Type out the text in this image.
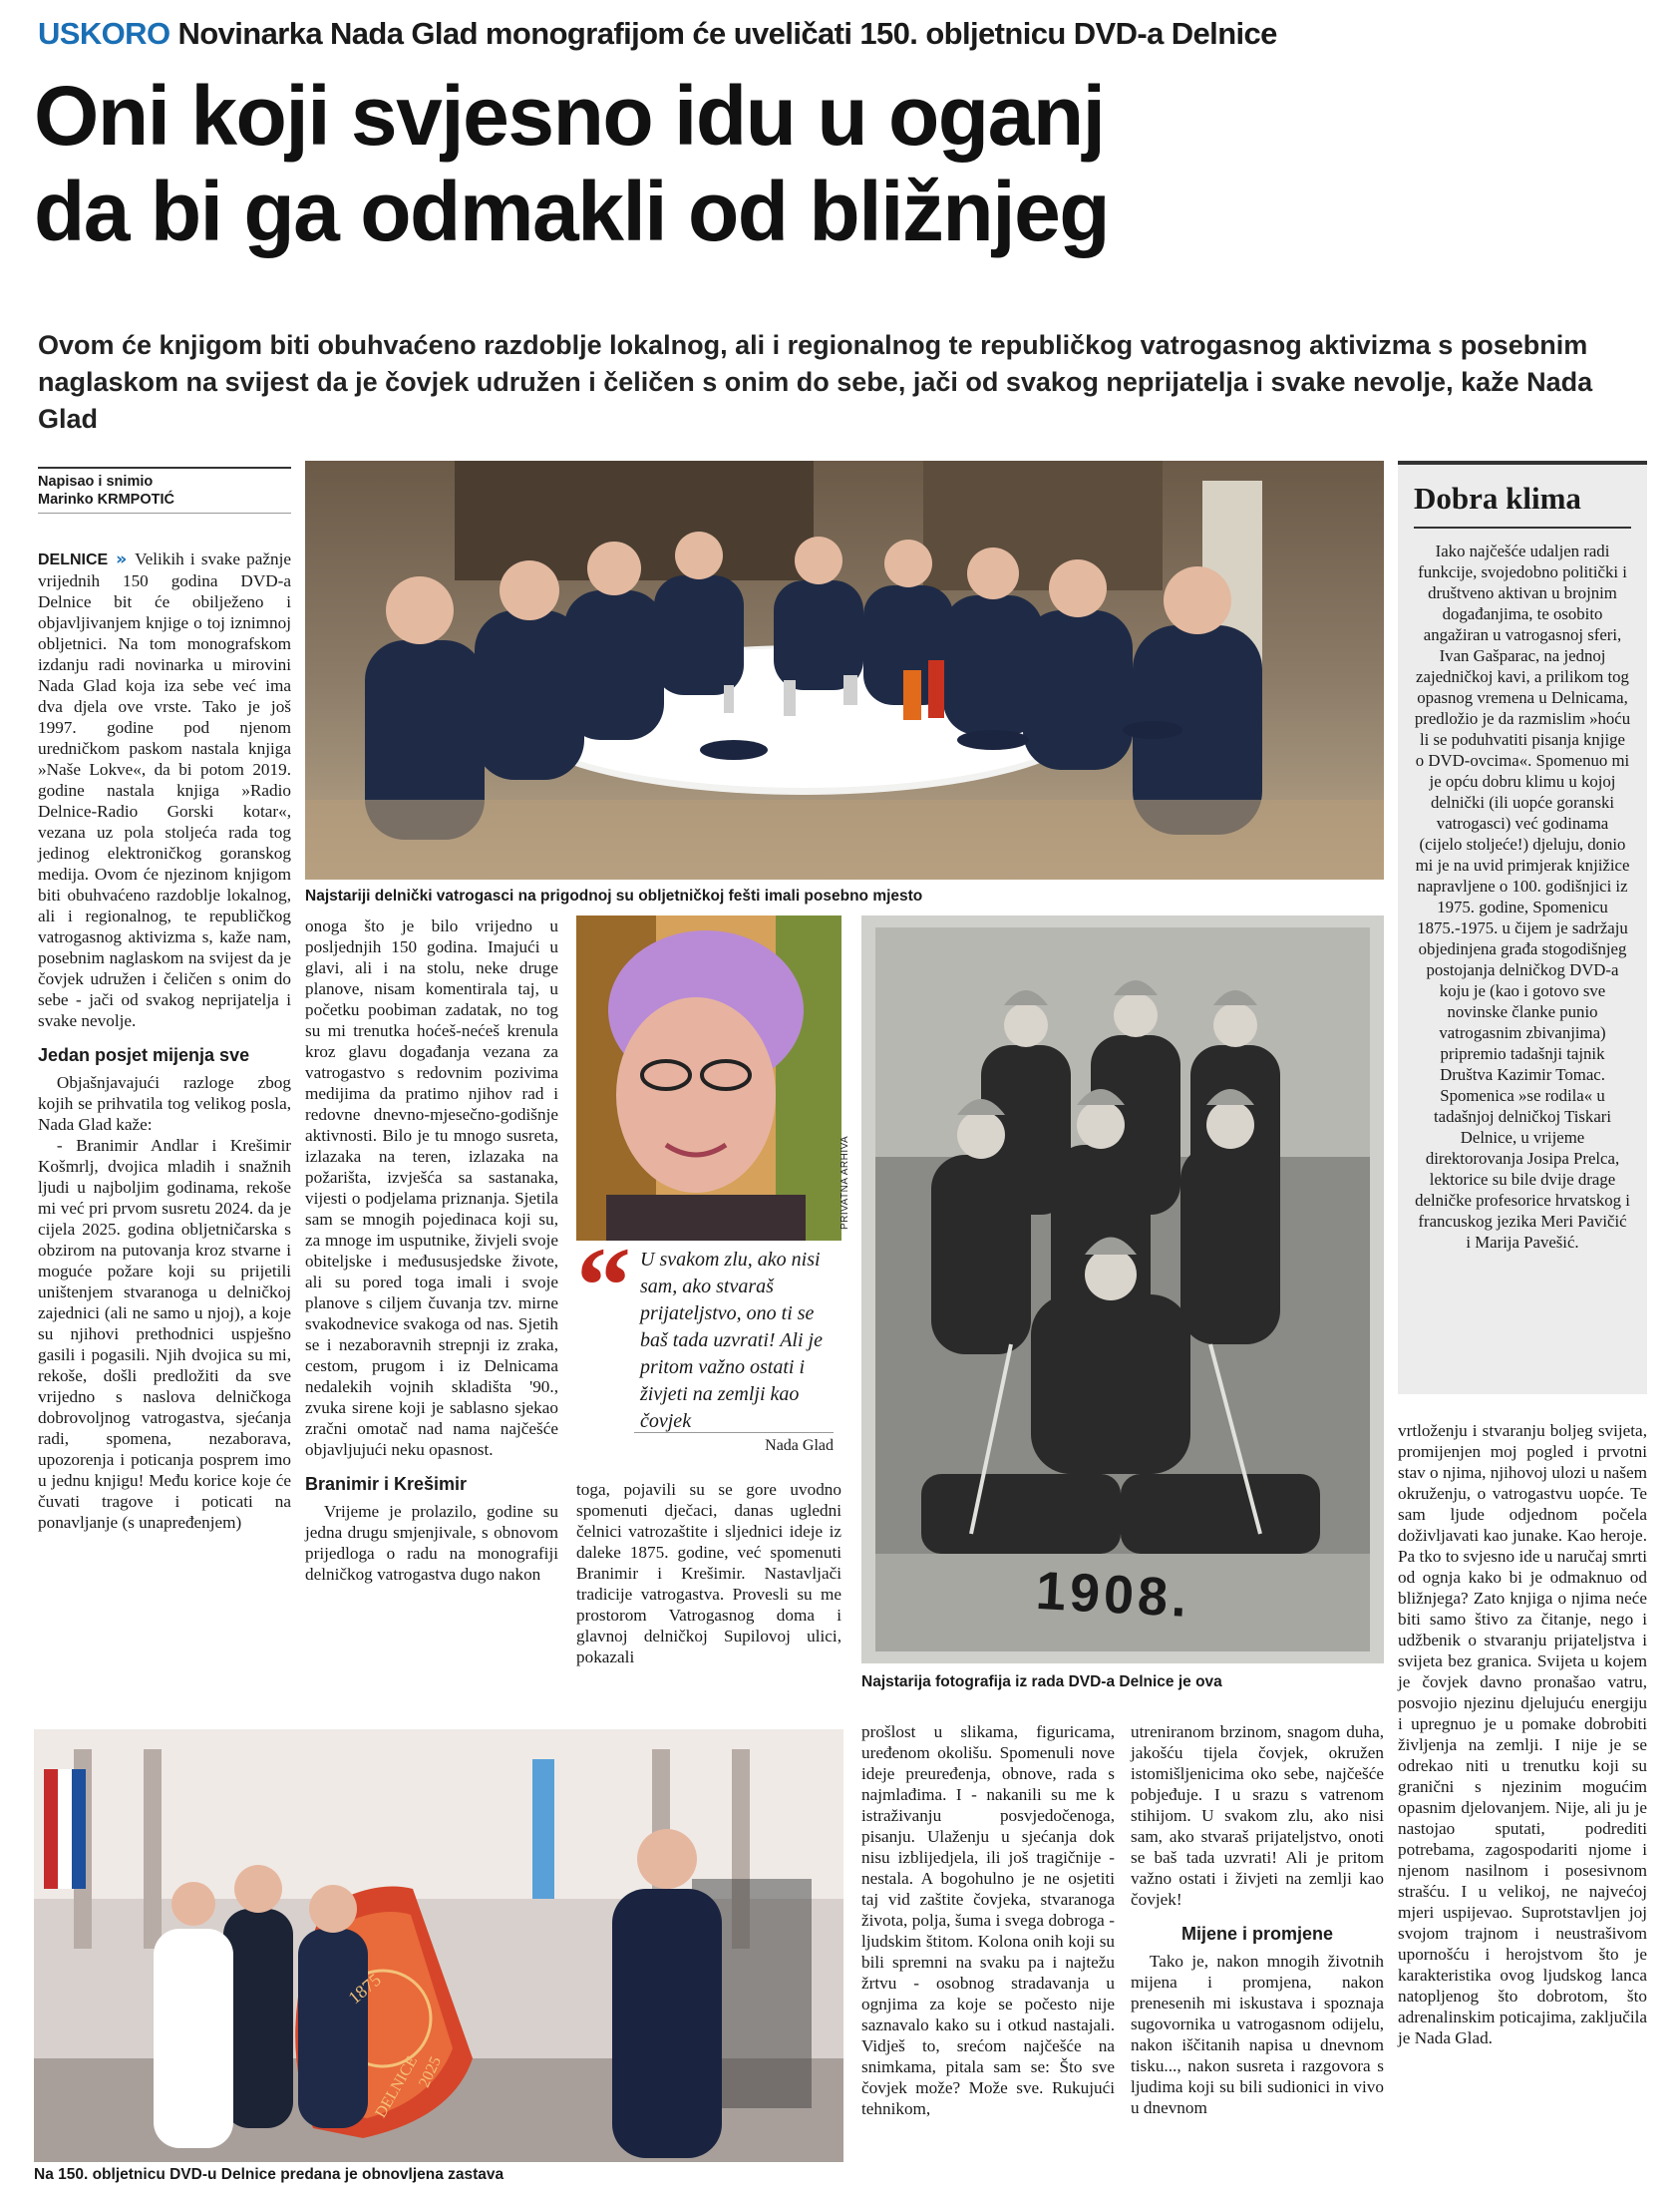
USKORO Novinarka Nada Glad monografijom će uveličati 150. obljetnicu DVD-a Delnice
Oni koji svjesno idu u oganj
da bi ga odmakli od bližnjeg
Ovom će knjigom biti obuhvaćeno razdoblje lokalnog, ali i regionalnog te republičkog vatrogasnog aktivizma s posebnim naglaskom na svijest da je čovjek udružen i čeličen s onim do sebe, jači od svakog neprijatelja i svake nevolje, kaže Nada Glad
Napisao i snimio
Marinko KRMPOTIĆ

DELNICE » Velikih i svake pažnje vrijednih 150 godina DVD-a Delnice bit će obilježeno i objavljivanjem knjige o toj iznimnoj obljetnici. Na tom monografskom izdanju radi novinarka u mirovini Nada Glad koja iza sebe već ima dva djela ove vrste. Tako je još 1997. godine pod njenom uredničkom paskom nastala knjiga »Naše Lokve«, da bi potom 2019. godine nastala knjiga »Radio Delnice-Radio Gorski kotar«, vezana uz pola stoljeća rada tog jedinog elektroničkog goranskog medija. Ovom će njezinom knjigom biti obuhvaćeno razdoblje lokalnog, ali i regionalnog, te republičkog vatrogasnog aktivizma s, kaže nam, posebnim naglaskom na svijest da je čovjek udružen i čeličen s onim do sebe - jači od svakog neprijatelja i svake nevolje.

Jedan posjet mijenja sve

Objašnjavajući razloge zbog kojih se prihvatila tog velikog posla, Nada Glad kaže:

- Branimir Andlar i Krešimir Košmrlj, dvojica mladih i snažnih ljudi u najboljim godinama, rekoše mi već pri prvom susretu 2024. da je cijela 2025. godina obljetničarska s obzirom na putovanja kroz stvarne i moguće požare koji su prijetili uništenjem stvaranoga u delničkoj zajednici (ali ne samo u njoj), a koje su njihovi prethodnici uspješno gasili i pogasili. Njih dvojica su mi, rekoše, došli predložiti da sve vrijedno s naslova delničkoga dobrovoljnog vatrogastva, sjećanja radi, spomena, nezaborava, upozorenja i poticanja posprem imo u jednu knjigu! Među korice koje će čuvati tragove i poticati na ponavljanje (s unapređenjem)

Najstariji delnički vatrogasci na prigodnoj su obljetničkoj fešti imali posebno mjesto
Dobra klima

Iako najčešće udaljen radi funkcije, svojedobno politički i društveno aktivan u brojnim događanjima, te osobito angažiran u vatrogasnoj sferi, Ivan Gašparac, na jednoj zajedničkoj kavi, a prilikom tog opasnog vremena u Delnicama, predložio je da razmislim »hoću li se poduhvatiti pisanja knjige o DVD-ovcima«. Spomenuo mi je opću dobru klimu u kojoj delnički (ili uopće goranski vatrogasci) već godinama (cijelo stoljeće!) djeluju, donio mi je na uvid primjerak knjižice napravljene o 100. godišnjici iz 1975. godine, Spomenicu 1875.-1975. u čijem je sadržaju objedinjena građa stogodišnjeg postojanja delničkog DVD-a koju je (kao i gotovo sve novinske članke punio vatrogasnim zbivanjima) pripremio tadašnji tajnik Društva Kazimir Tomac. Spomenica »se rodila« u tadašnjoj delničkoj Tiskari Delnice, u vrijeme direktorovanja Josipa Prelca, lektorice su bile dvije drage delničke profesorice hrvatskog i francuskog jezika Meri Pavičić i Marija Pavešić.

onoga što je bilo vrijedno u posljednjih 150 godina. Imajući u glavi, ali i na stolu, neke druge planove, nisam komentirala taj, u početku poobiman zadatak, no tog su mi trenutka hoćeš-nećeš krenula kroz glavu događanja vezana za vatrogastvo s redovnim pozivima medijima da pratimo njihov rad i redovne dnevno-mjesečno-godišnje aktivnosti. Bilo je tu mnogo susreta, izlazaka na teren, izlazaka na požarišta, izvješća sa sastanaka, vijesti o podjelama priznanja. Sjetila sam se mnogih pojedinaca koji su, za mnoge im usputnike, živjeli svoje obiteljske i međususjedske živote, ali su pored toga imali i svoje planove s ciljem čuvanja tzv. mirne svakodnevice svakoga od nas. Sjetih se i nezaboravnih strepnji iz zraka, cestom, prugom i iz Delnicama nedalekih vojnih skladišta '90., zvuka sirene koji je sablasno sjekao zračni omotač nad nama najčešće objavljujući neku opasnost.

Branimir i Krešimir

Vrijeme je prolazilo, godine su jedna drugu smjenjivale, s obnovom prijedloga o radu na monografiji delničkog vatrogastva dugo nakon

PRIVATNA ARHIVA
“ U svakom zlu, ako nisi sam, ako stvaraš prijateljstvo, ono ti se baš tada uzvrati! Ali je pritom važno ostati i živjeti na zemlji kao čovjek
Nada Glad

toga, pojavili su se gore uvodno spomenuti dječaci, danas ugledni čelnici vatrozaštite i sljednici ideje iz daleke 1875. godine, već spomenuti Branimir i Krešimir. Nastavljači tradicije vatrogastva. Provesli su me prostorom Vatrogasnog doma i glavnoj delničkoj Supilovoj ulici, pokazali

1908.
Najstarija fotografija iz rada DVD-a Delnice je ova
1875
DELNICE
2025
Na 150. obljetnicu DVD-u Delnice predana je obnovljena zastava

prošlost u slikama, figuricama, uređenom okolišu. Spomenuli nove ideje preuređenja, obnove, rada s najmlađima. I - nakanili su me k istraživanju posvjedočenoga, pisanju. Ulaženju u sjećanja dok nisu izblijedjela, ili još tragičnije - nestala. A bogohulno je ne osjetiti taj vid zaštite čovjeka, stvaranoga života, polja, šuma i svega dobroga - ljudskim štitom. Kolona onih koji su bili spremni na svaku pa i najtežu žrtvu - osobnog stradavanja u ognjima za koje se počesto nije saznavalo kako su i otkud nastajali. Vidješ to, srećom najčešće na snimkama, pitala sam se: Što sve čovjek može? Može sve. Rukujući tehnikom,

utreniranom brzinom, snagom duha, jakošću tijela čovjek, okružen istomišljenicima oko sebe, najčešće pobjeđuje. I u srazu s vatrenom stihijom. U svakom zlu, ako nisi sam, ako stvaraš prijateljstvo, onoti se baš tada uzvrati! Ali je pritom važno ostati i živjeti na zemlji kao čovjek!

Mijene i promjene

Tako je, nakon mnogih životnih mijena i promjena, nakon prenesenih mi iskustava i spoznaja sugovornika u vatrogasnom odijelu, nakon iščitanih napisa u dnevnom tisku..., nakon susreta i razgovora s ljudima koji su bili sudionici in vivo u dnevnom

vrtloženju i stvaranju boljeg svijeta, promijenjen moj pogled i prvotni stav o njima, njihovoj ulozi u našem okruženju, o vatrogastvu uopće. Te sam ljude odjednom počela doživljavati kao junake. Kao heroje. Pa tko to svjesno ide u naručaj smrti od ognja kako bi je odmaknuo od bližnjega? Zato knjiga o njima neće biti samo štivo za čitanje, nego i udžbenik o stvaranju prijateljstva i svijeta bez granica. Svijeta u kojem je čovjek davno pronašao vatru, posvojio njezinu djelujuću energiju i upregnuo je u pomake dobrobiti življenja na zemlji. I nije je se odrekao niti u trenutku koji su granični s njezinim mogućim opasnim djelovanjem. Nije, ali ju je nastojao sputati, podrediti potrebama, zagospodariti njome i njenom nasilnom i posesivnom strašću. I u velikoj, ne najvećoj mjeri uspijevao. Suprotstavljen joj svojom trajnom i neustrašivom upornošću i herojstvom što je karakteristika ovog ljudskog lanca natopljenog što dobrotom, što adrenalinskim poticajima, zaključila je Nada Glad.
